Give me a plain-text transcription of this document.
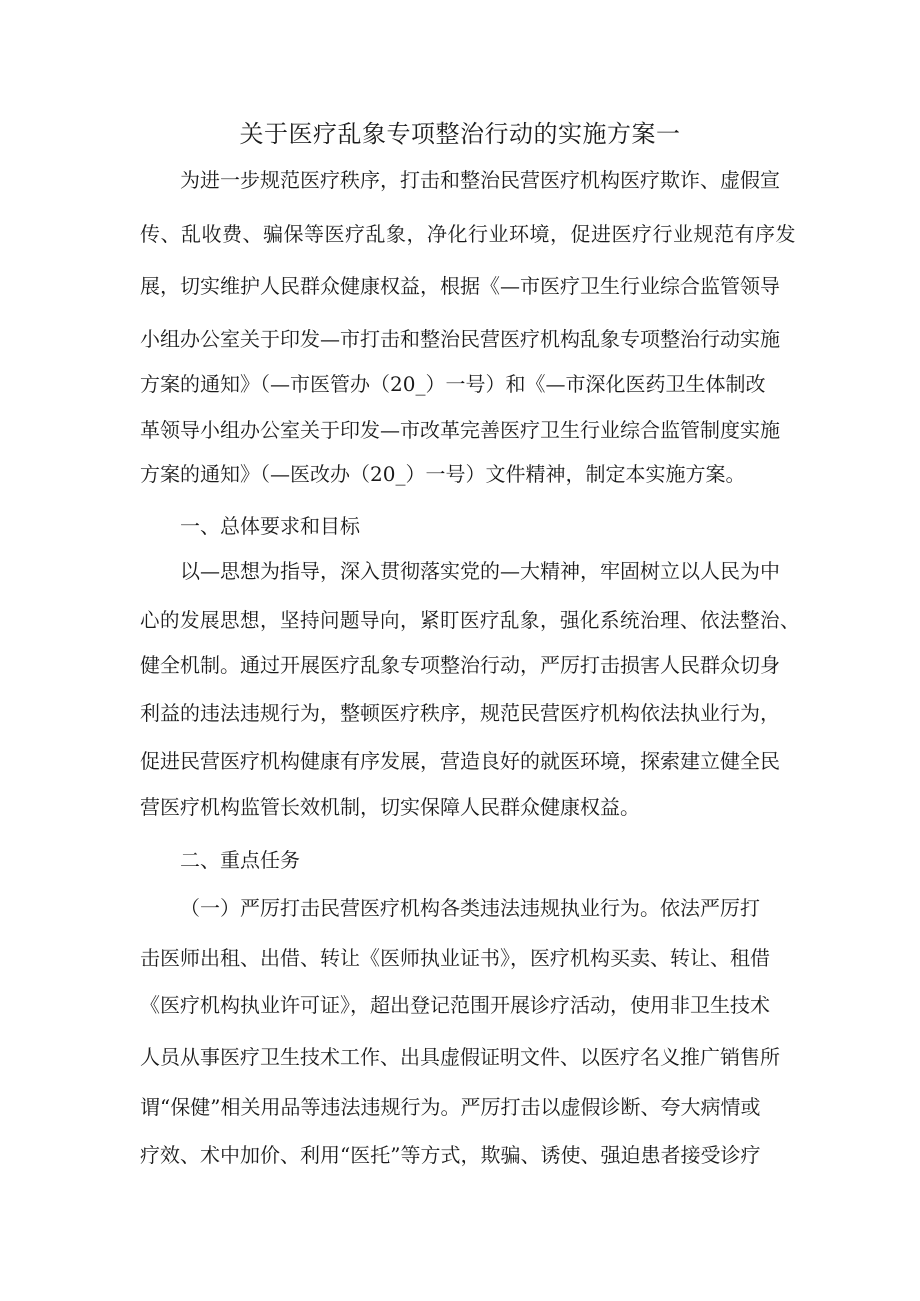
关于医疗乱象专项整治行动的实施方案一
为进一步规范医疗秩序，打击和整治民营医疗机构医疗欺诈、虚假宣
传、乱收费、骗保等医疗乱象，净化行业环境，促进医疗行业规范有序发
展，切实维护人民群众健康权益，根据《—市医疗卫生行业综合监管领导
小组办公室关于印发—市打击和整治民营医疗机构乱象专项整治行动实施
方案的通知》（—市医管办（20_）一号）和《—市深化医药卫生体制改
革领导小组办公室关于印发—市改革完善医疗卫生行业综合监管制度实施
方案的通知》（—医改办（20_）一号）文件精神，制定本实施方案。
一、总体要求和目标
以—思想为指导，深入贯彻落实党的—大精神，牢固树立以人民为中
心的发展思想，坚持问题导向，紧盯医疗乱象，强化系统治理、依法整治、
健全机制。通过开展医疗乱象专项整治行动，严厉打击损害人民群众切身
利益的违法违规行为，整顿医疗秩序，规范民营医疗机构依法执业行为，
促进民营医疗机构健康有序发展，营造良好的就医环境，探索建立健全民
营医疗机构监管长效机制，切实保障人民群众健康权益。
二、重点任务
（一）严厉打击民营医疗机构各类违法违规执业行为。依法严厉打
击医师出租、出借、转让《医师执业证书》，医疗机构买卖、转让、租借
《医疗机构执业许可证》，超出登记范围开展诊疗活动，使用非卫生技术
人员从事医疗卫生技术工作、出具虚假证明文件、以医疗名义推广销售所
谓“保健”相关用品等违法违规行为。严厉打击以虚假诊断、夸大病情或
疗效、术中加价、利用“医托”等方式，欺骗、诱使、强迫患者接受诊疗
